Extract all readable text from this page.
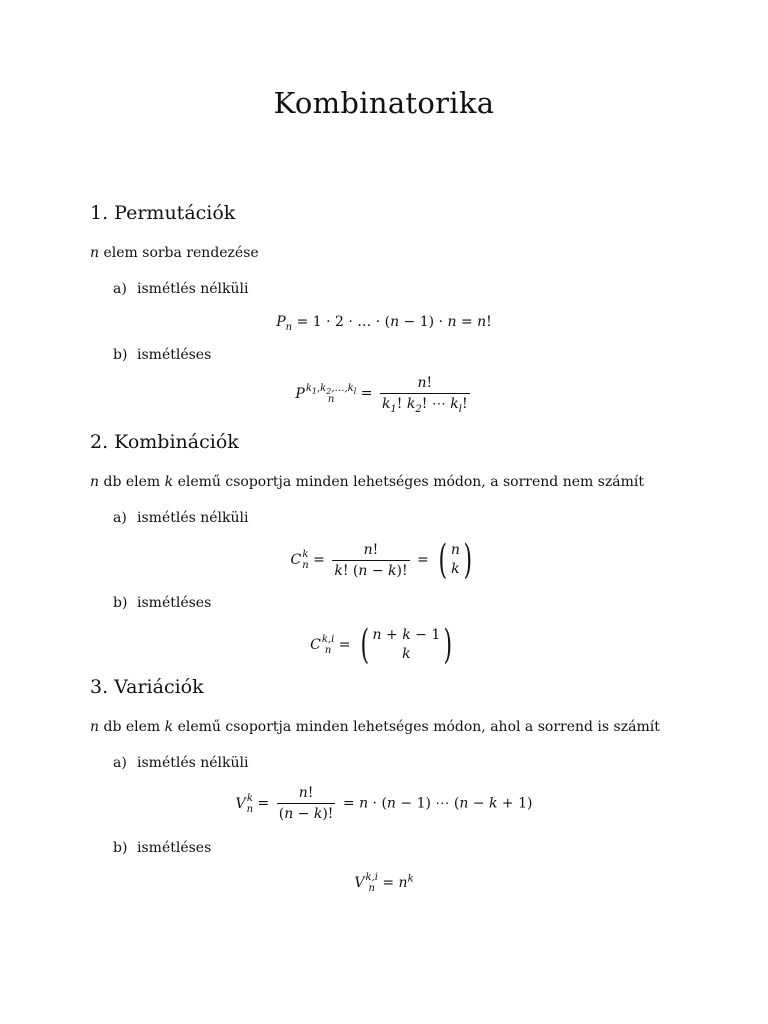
Kombinatorika
1. Permutációk
n elem sorba rendezése
a) ismétlés nélküli
$P_n = 1 \cdot 2$ · … · (n − 1) · n = n!
b) ismétléses
P $k_1,k_2,\dots,k_l$
n	= $\frac{n!}{k_1! k_2! \cdots k_l!}$
2. Kombinációk
n db elem k elemű csoportja minden lehetséges módon, a sorrend nem számít
a) ismétlés nélküli
C k
$n = \frac{n!}{k! (n - k)!}$ = ( n
k )
b) ismétléses
C k,i
n = ( n + k − 1
k )
3. Variációk
n db elem k elemű csoportja minden lehetséges módon, ahol a sorrend is számít
a) ismétlés nélküli
V k
$n = \frac{n!}{(n - k)!} = n \cdot (n - 1)$ ⋯ (n − k + 1)
b) ismétléses
V k,i
$n = n^k$
